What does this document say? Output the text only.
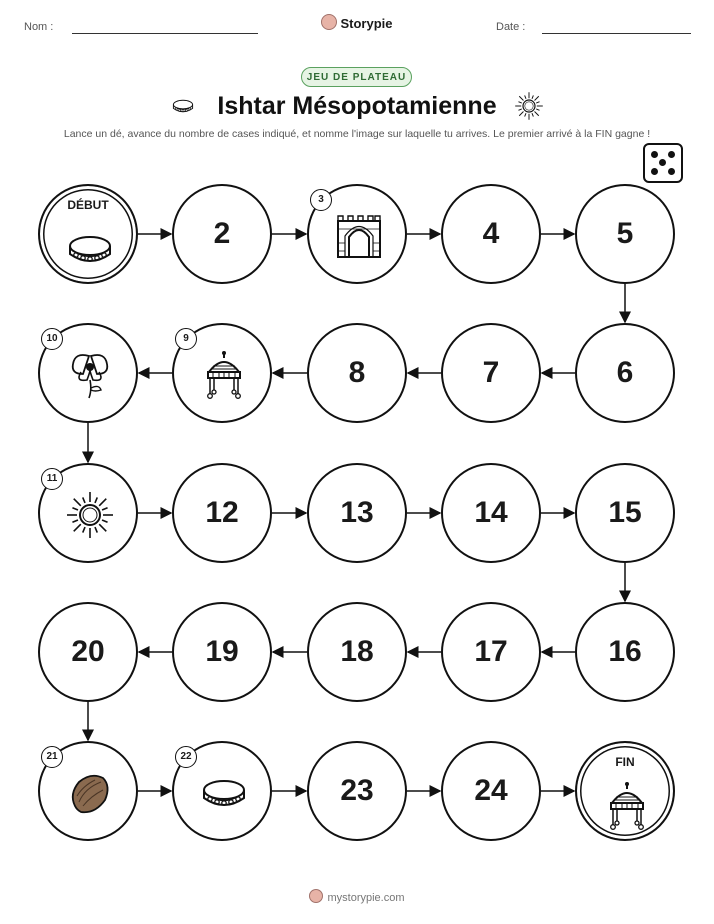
Nom :	Storypie	Date :
JEU DE PLATEAU
Ishtar Mésopotamienne
Lance un dé, avance du nombre de cases indiqué, et nomme l'image sur laquelle tu arrives. Le premier arrivé à la FIN gagne !
DÉBUT
2
3
4	5
6
7
8
9
10
11
12	13	14	15
16
17
18
19
20
21	22
23	24
FIN
mystorypie.com
